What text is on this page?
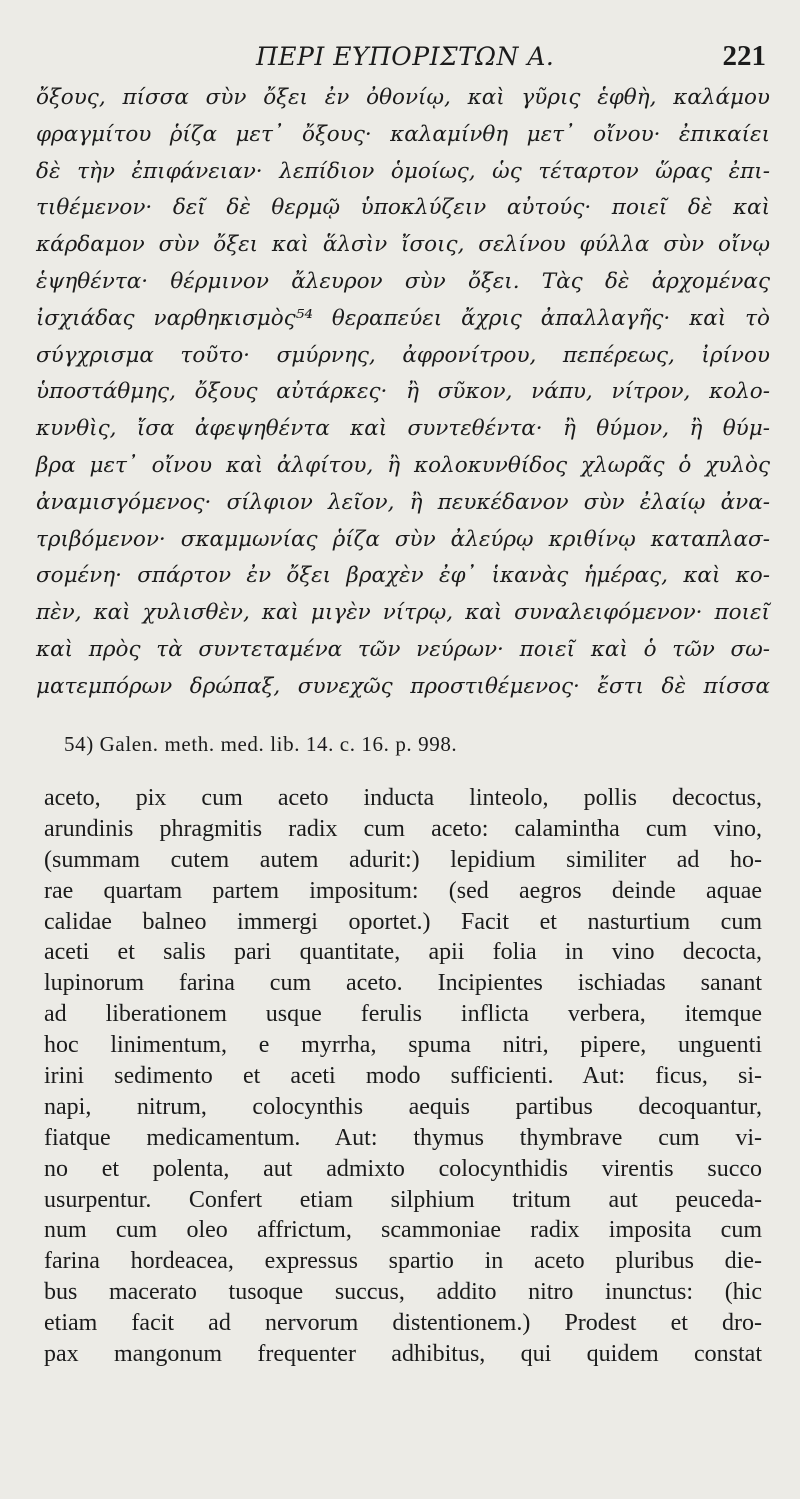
ΠΕΡΙ ΕΥΠΟΡΙΣΤΩΝ Α.	221
ὄξους, πίσσα σὺν ὄξει ἐν ὀθονίῳ, καὶ γῦρις ἑφθὴ, καλάμου
φραγμίτου ῥίζα μετ᾽ ὄξους· καλαμίνθη μετ᾽ οἴνου· ἐπικαίει
δὲ τὴν ἐπιφάνειαν· λεπίδιον ὁμοίως, ὡς τέταρτον ὥρας ἐπι-
τιθέμενον· δεῖ δὲ θερμῷ ὑποκλύζειν αὐτούς· ποιεῖ δὲ καὶ
κάρδαμον σὺν ὄξει καὶ ἅλσὶν ἴσοις, σελίνου φύλλα σὺν οἴνῳ
ἑψηθέντα· θέρμινον ἄλευρον σὺν ὄξει. Τὰς δὲ ἀρχομένας
ἰσχιάδας ναρθηκισμὸς⁵⁴ θεραπεύει ἄχρις ἀπαλλαγῆς· καὶ τὸ
σύγχρισμα τοῦτο· σμύρνης, ἀφρονίτρου, πεπέρεως, ἰρίνου
ὑποστάθμης, ὄξους αὐτάρκες· ἢ σῦκον, νάπυ, νίτρον, κολο-
κυνθὶς, ἴσα ἀφεψηθέντα καὶ συντεθέντα· ἢ θύμον, ἢ θύμ-
βρα μετ᾽ οἴνου καὶ ἀλφίτου, ἢ κολοκυνθίδος χλωρᾶς ὁ χυλὸς
ἀναμισγόμενος· σίλφιον λεῖον, ἢ πευκέδανον σὺν ἐλαίῳ ἀνα-
τριβόμενον· σκαμμωνίας ῥίζα σὺν ἀλεύρῳ κριθίνῳ καταπλασ-
σομένη· σπάρτον ἐν ὄξει βραχὲν ἐφ᾽ ἱκανὰς ἡμέρας, καὶ κο-
πὲν, καὶ χυλισθὲν, καὶ μιγὲν νίτρῳ, καὶ συναλειφόμενον· ποιεῖ
καὶ πρὸς τὰ συντεταμένα τῶν νεύρων· ποιεῖ καὶ ὁ τῶν σω-
ματεμπόρων δρώπαξ, συνεχῶς προστιθέμενος· ἔστι δὲ πίσσα
54) Galen. meth. med. lib. 14. c. 16. p. 998.
aceto, pix cum aceto inducta linteolo, pollis decoctus,
arundinis phragmitis radix cum aceto: calamintha cum vino,
(summam cutem autem adurit:) lepidium similiter ad ho-
rae quartam partem impositum: (sed aegros deinde aquae
calidae balneo immergi oportet.) Facit et nasturtium cum
aceti et salis pari quantitate, apii folia in vino decocta,
lupinorum farina cum aceto. Incipientes ischiadas sanant
ad liberationem usque ferulis inflicta verbera, itemque
hoc linimentum, e myrrha, spuma nitri, pipere, unguenti
irini sedimento et aceti modo sufficienti. Aut: ficus, si-
napi, nitrum, colocynthis aequis partibus decoquantur,
fiatque medicamentum. Aut: thymus thymbrave cum vi-
no et polenta, aut admixto colocynthidis virentis succo
usurpentur. Confert etiam silphium tritum aut peuceda-
num cum oleo affrictum, scammoniae radix imposita cum
farina hordeacea, expressus spartio in aceto pluribus die-
bus macerato tusoque succus, addito nitro inunctus: (hic
etiam facit ad nervorum distentionem.) Prodest et dro-
pax mangonum frequenter adhibitus, qui quidem constat
